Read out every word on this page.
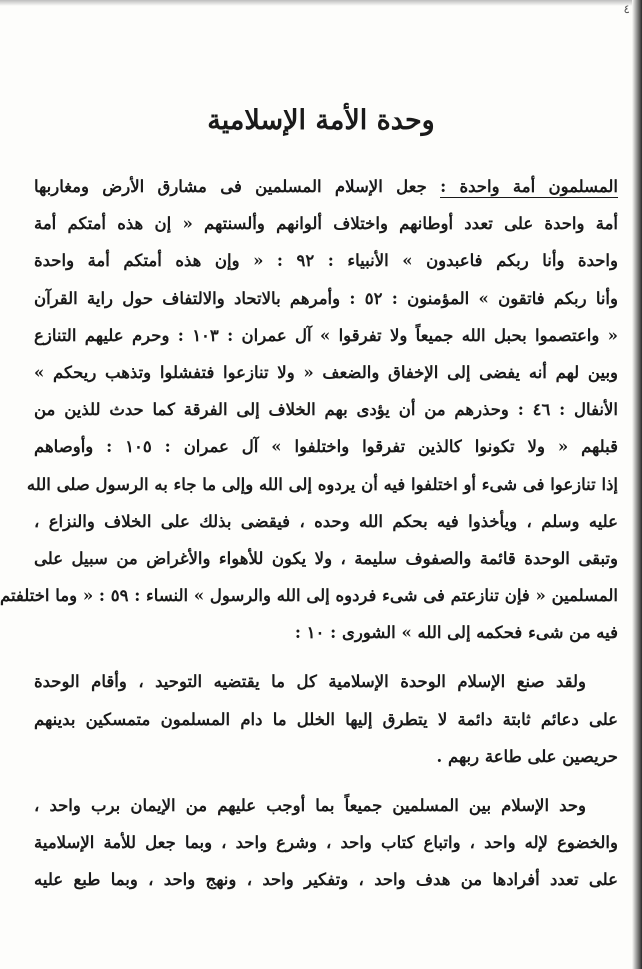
٤
وحدة الأمة الإسلامية
المسلمون أمة واحدة : جعل الإسلام المسلمين فى مشارق الأرض ومغاربها
أمة واحدة على تعدد أوطانهم واختلاف ألوانهم وألسنتهم « إن هذه أمتكم أمة
واحدة وأنا ربكم فاعبدون » الأنبياء : ٩٢ : « وإن هذه أمتكم أمة واحدة
وأنا ربكم فاتقون » المؤمنون : ٥٢ : وأمرهم بالاتحاد والالتفاف حول راية القرآن
« واعتصموا بحبل الله جميعاً ولا تفرقوا » آل عمران : ١٠٣ : وحرم عليهم التنازع
وبين لهم أنه يفضى إلى الإخفاق والضعف « ولا تنازعوا فتفشلوا وتذهب ريحكم »
الأنفال : ٤٦ : وحذرهم من أن يؤدى بهم الخلاف إلى الفرقة كما حدث للذين من
قبلهم « ولا تكونوا كالذين تفرقوا واختلفوا » آل عمران : ١٠٥ : وأوصاهم
إذا تنازعوا فى شىء أو اختلفوا فيه أن يردوه إلى الله وإلى ما جاء به الرسول صلى الله
عليه وسلم ، ويأخذوا فيه بحكم الله وحده ، فيقضى بذلك على الخلاف والنزاع ،
وتبقى الوحدة قائمة والصفوف سليمة ، ولا يكون للأهواء والأغراض من سبيل على
المسلمين « فإن تنازعتم فى شىء فردوه إلى الله والرسول » النساء : ٥٩ : « وما اختلفتم
فيه من شىء فحكمه إلى الله » الشورى : ١٠ :
ولقد صنع الإسلام الوحدة الإسلامية كل ما يقتضيه التوحيد ، وأقام الوحدة
على دعائم ثابتة دائمة لا يتطرق إليها الخلل ما دام المسلمون متمسكين بدينهم
حريصين على طاعة ربهم .
وحد الإسلام بين المسلمين جميعاً بما أوجب عليهم من الإيمان برب واحد ،
والخضوع لإله واحد ، واتباع كتاب واحد ، وشرع واحد ، وبما جعل للأمة الإسلامية
على تعدد أفرادها من هدف واحد ، وتفكير واحد ، ونهج واحد ، وبما طبع عليه
